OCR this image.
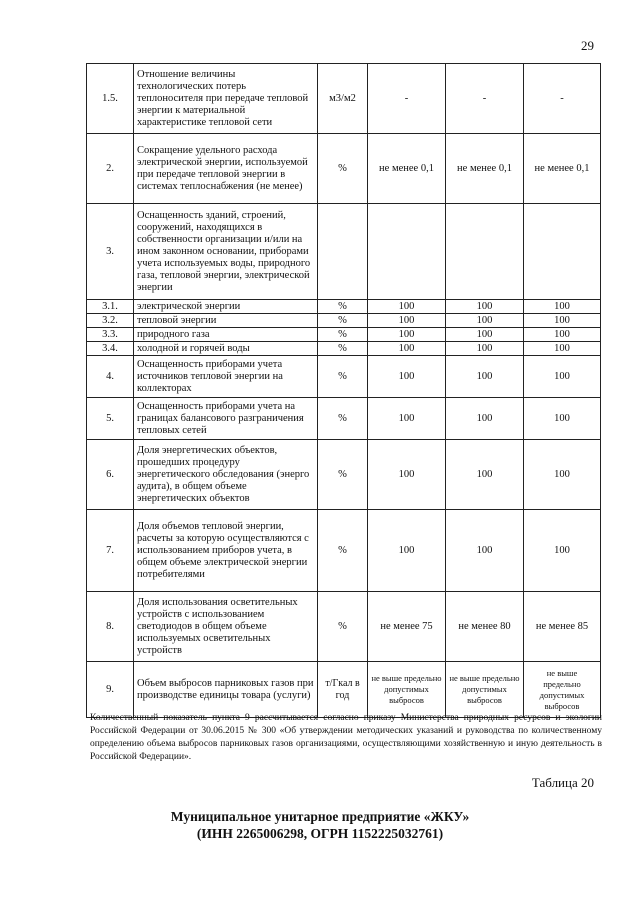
29
1.5.	Отношение величины технологических потерь теплоносителя при передаче тепловой энергии к материальной характеристике тепловой сети	м3/м2	-	-	-
2.	Сокращение удельного расхода электрической энергии, используемой при передаче тепловой энергии в системах теплоснабжения (не менее)	%	не менее 0,1	не менее 0,1	не менее 0,1
3.	Оснащенность зданий, строений, сооружений, находящихся в собственности организации и/или на ином законном основании, приборами учета используемых воды, природного газа, тепловой энергии, электрической энергии				
3.1.	электрической энергии	%	100	100	100
3.2.	тепловой энергии	%	100	100	100
3.3.	природного газа	%	100	100	100
3.4.	холодной и горячей воды	%	100	100	100
4.	Оснащенность приборами учета источников тепловой энергии на коллекторах	%	100	100	100
5.	Оснащенность приборами учета на границах балансового разграничения тепловых сетей	%	100	100	100
6.	Доля энергетических объектов, прошедших процедуру энергетического обследования (энерго аудита), в общем объеме энергетических объектов	%	100	100	100
7.	Доля объемов тепловой энергии, расчеты за которую осуществляются с использованием приборов учета, в общем объеме электрической энергии потребителями	%	100	100	100
8.	Доля использования осветительных устройств с использованием светодиодов в общем объеме используемых осветительных устройств	%	не менее 75	не менее 80	не менее 85
9.	Объем выбросов парниковых газов при производстве единицы товара (услуги)	т/Гкал в год	не выше предельно допустимых выбросов	не выше предельно допустимых выбросов	не выше предельно допустимых выбросов
Количественный показатель пункта 9 рассчитывается согласно приказу Министерства природных ресурсов и экологии Российской Федерации от 30.06.2015 № 300 «Об утверждении методических указаний и руководства по количественному определению объема выбросов парниковых газов организациями, осуществляющими хозяйственную и иную деятельность в Российской Федерации».
Таблица 20
Муниципальное унитарное предприятие «ЖКУ»
(ИНН 2265006298, ОГРН 1152225032761)
